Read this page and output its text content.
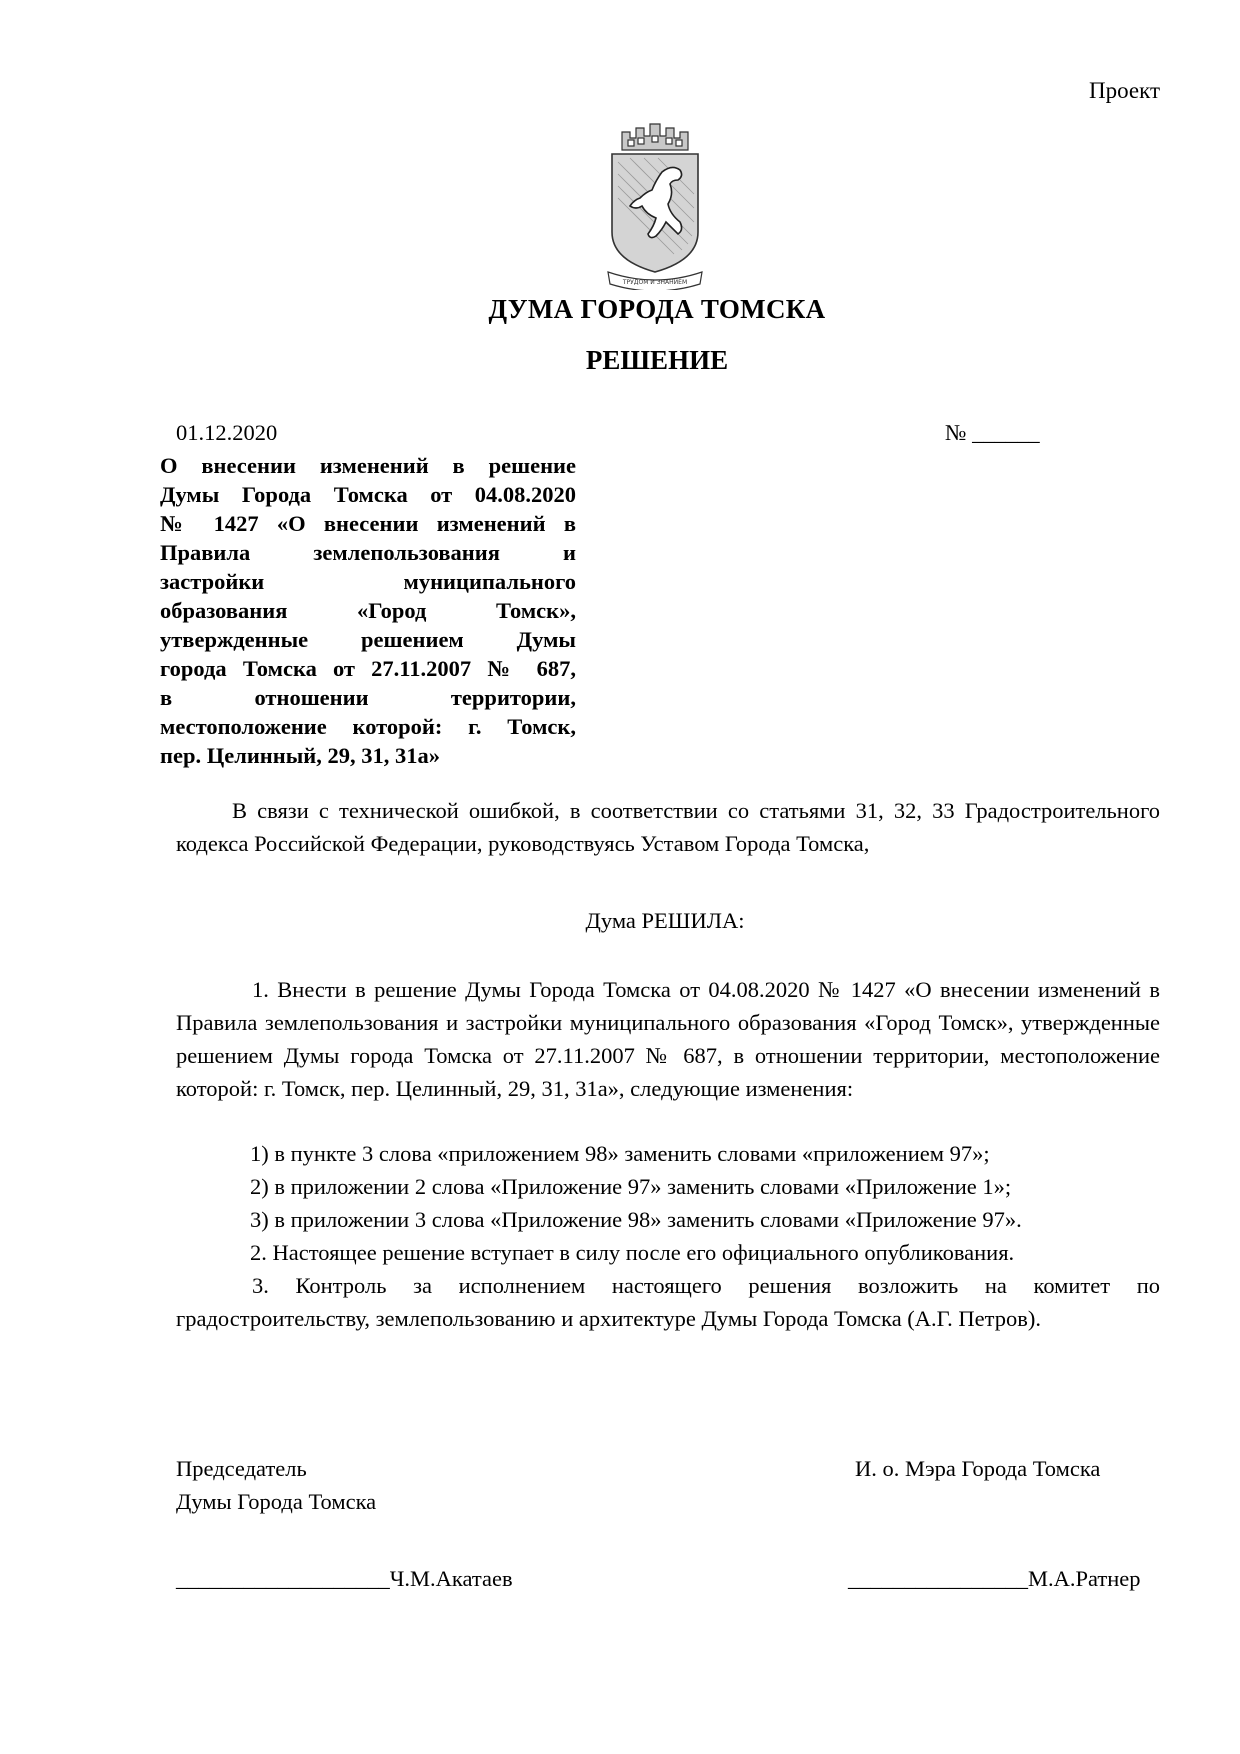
Проект
ТРУДОМ И ЗНАНИЕМ
ДУМА ГОРОДА ТОМСКА
РЕШЕНИЕ
01.12.2020	№ ______
О внесении изменений в решение
Думы Города Томска от 04.08.2020
№ 1427 «О внесении изменений в
Правила землепользования и
застройки муниципального
образования «Город Томск»,
утвержденные решением Думы
города Томска от 27.11.2007 № 687,
в отношении территории,
местоположение которой: г. Томск,
пер. Целинный, 29, 31, 31а»
В связи с технической ошибкой, в соответствии со статьями 31, 32, 33 Градостроительного кодекса Российской Федерации, руководствуясь Уставом Города Томска,
Дума РЕШИЛА:
1. Внести в решение Думы Города Томска от 04.08.2020 № 1427 «О внесении изменений в Правила землепользования и застройки муниципального образования «Город Томск», утвержденные решением Думы города Томска от 27.11.2007 № 687, в отношении территории, местоположение которой: г. Томск, пер. Целинный, 29, 31, 31а», следующие изменения:
1) в пункте 3 слова «приложением 98» заменить словами «приложением 97»;
2) в приложении 2 слова «Приложение 97» заменить словами «Приложение 1»;
3) в приложении 3 слова «Приложение 98» заменить словами «Приложение 97».
2. Настоящее решение вступает в силу после его официального опубликования.
3. Контроль за исполнением настоящего решения возложить на комитет по градостроительству, землепользованию и архитектуре Думы Города Томска (А.Г. Петров).
Председатель
Думы Города Томска
И. о. Мэра Города Томска
___________________Ч.М.Акатаев	________________М.А.Ратнер
